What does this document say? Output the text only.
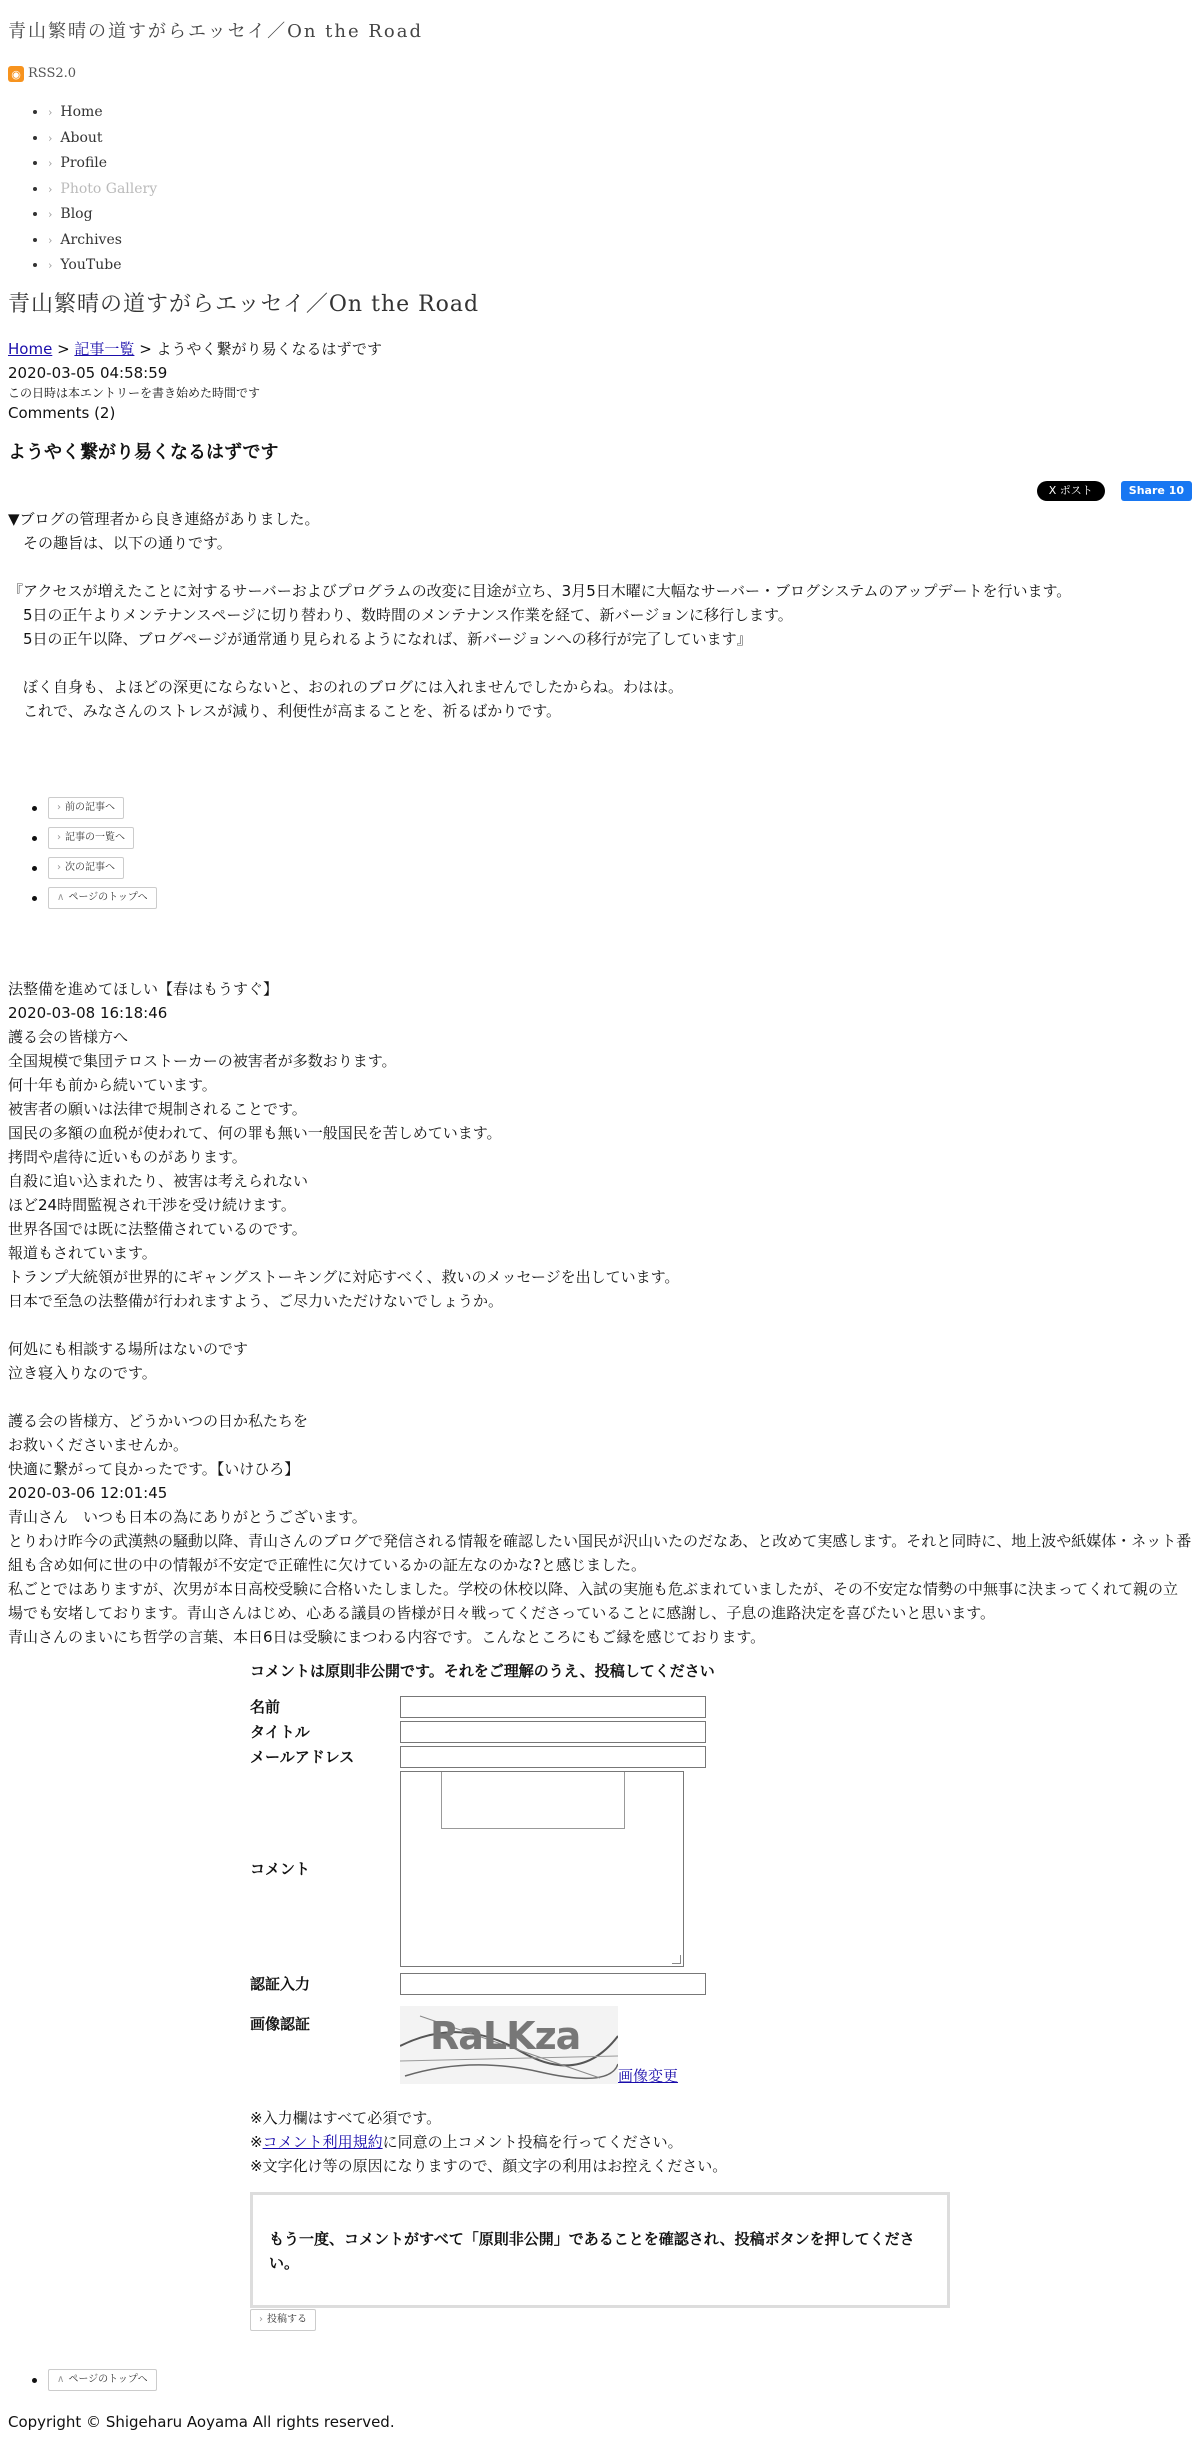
青山繁晴の道すがらエッセイ／On the Road
◉ RSS2.0
• › Home
• › About
• › Profile
• › Photo Gallery
• › Blog
• › Archives
• › YouTube
青山繁晴の道すがらエッセイ／On the Road
Home > 記事一覧 > ようやく繋がり易くなるはずです
2020-03-05 04:58:59
この日時は本エントリーを書き始めた時間です
Comments (2)
ようやく繋がり易くなるはずです
X ポスト	Share 10

▼ブログの管理者から良き連絡がありました。

　その趣旨は、以下の通りです。

『アクセスが増えたことに対するサーバーおよびプログラムの改変に目途が立ち、3月5日木曜に大幅なサーバー・ブログシステムのアップデートを行います。

　5日の正午よりメンテナンスページに切り替わり、数時間のメンテナンス作業を経て、新バージョンに移行します。

　5日の正午以降、ブログページが通常通り見られるようになれば、新バージョンへの移行が完了しています』

　ぼく自身も、よほどの深更にならないと、おのれのブログには入れませんでしたからね。わはは。

　これで、みなさんのストレスが減り、利便性が高まることを、祈るばかりです。

• › 前の記事へ
• › 記事の一覧へ
• › 次の記事へ
• ∧ ページのトップへ

法整備を進めてほしい【春はもうすぐ】

2020-03-08 16:18:46

護る会の皆様方へ

全国規模で集団テロストーカーの被害者が多数おります。

何十年も前から続いています。

被害者の願いは法律で規制されることです。

国民の多額の血税が使われて、何の罪も無い一般国民を苦しめています。

拷問や虐待に近いものがあります。

自殺に追い込まれたり、被害は考えられない

ほど24時間監視され干渉を受け続けます。

世界各国では既に法整備されているのです。

報道もされています。

トランプ大統領が世界的にギャングストーキングに対応すべく、救いのメッセージを出しています。

日本で至急の法整備が行われますよう、ご尽力いただけないでしょうか。

何処にも相談する場所はないのです

泣き寝入りなのです。

護る会の皆様方、どうかいつの日か私たちを

お救いくださいませんか。

快適に繋がって良かったです。【いけひろ】

2020-03-06 12:01:45

青山さん　いつも日本の為にありがとうございます。

とりわけ昨今の武漢熱の騒動以降、青山さんのブログで発信される情報を確認したい国民が沢山いたのだなあ、と改めて実感します。それと同時に、地上波や紙媒体・ネット番組も含め如何に世の中の情報が不安定で正確性に欠けているかの証左なのかな?と感じました。

私ごとではありますが、次男が本日高校受験に合格いたしました。学校の休校以降、入試の実施も危ぶまれていましたが、その不安定な情勢の中無事に決まってくれて親の立場でも安堵しております。青山さんはじめ、心ある議員の皆様が日々戦ってくださっていることに感謝し、子息の進路決定を喜びたいと思います。

青山さんのまいにち哲学の言葉、本日6日は受験にまつわる内容です。こんなところにもご縁を感じております。

コメントは原則非公開です。それをご理解のうえ、投稿してください

名前
タイトル
メールアドレス
コメント
認証入力
画像認証	RaLKza
画像変更

※入力欄はすべて必須です。

※コメント利用規約に同意の上コメント投稿を行ってください。

※文字化け等の原因になりますので、顔文字の利用はお控えください。

もう一度、コメントがすべて「原則非公開」であることを確認され、投稿ボタンを押してください。
› 投稿する
• ∧ ページのトップへ
Copyright © Shigeharu Aoyama All rights reserved.
